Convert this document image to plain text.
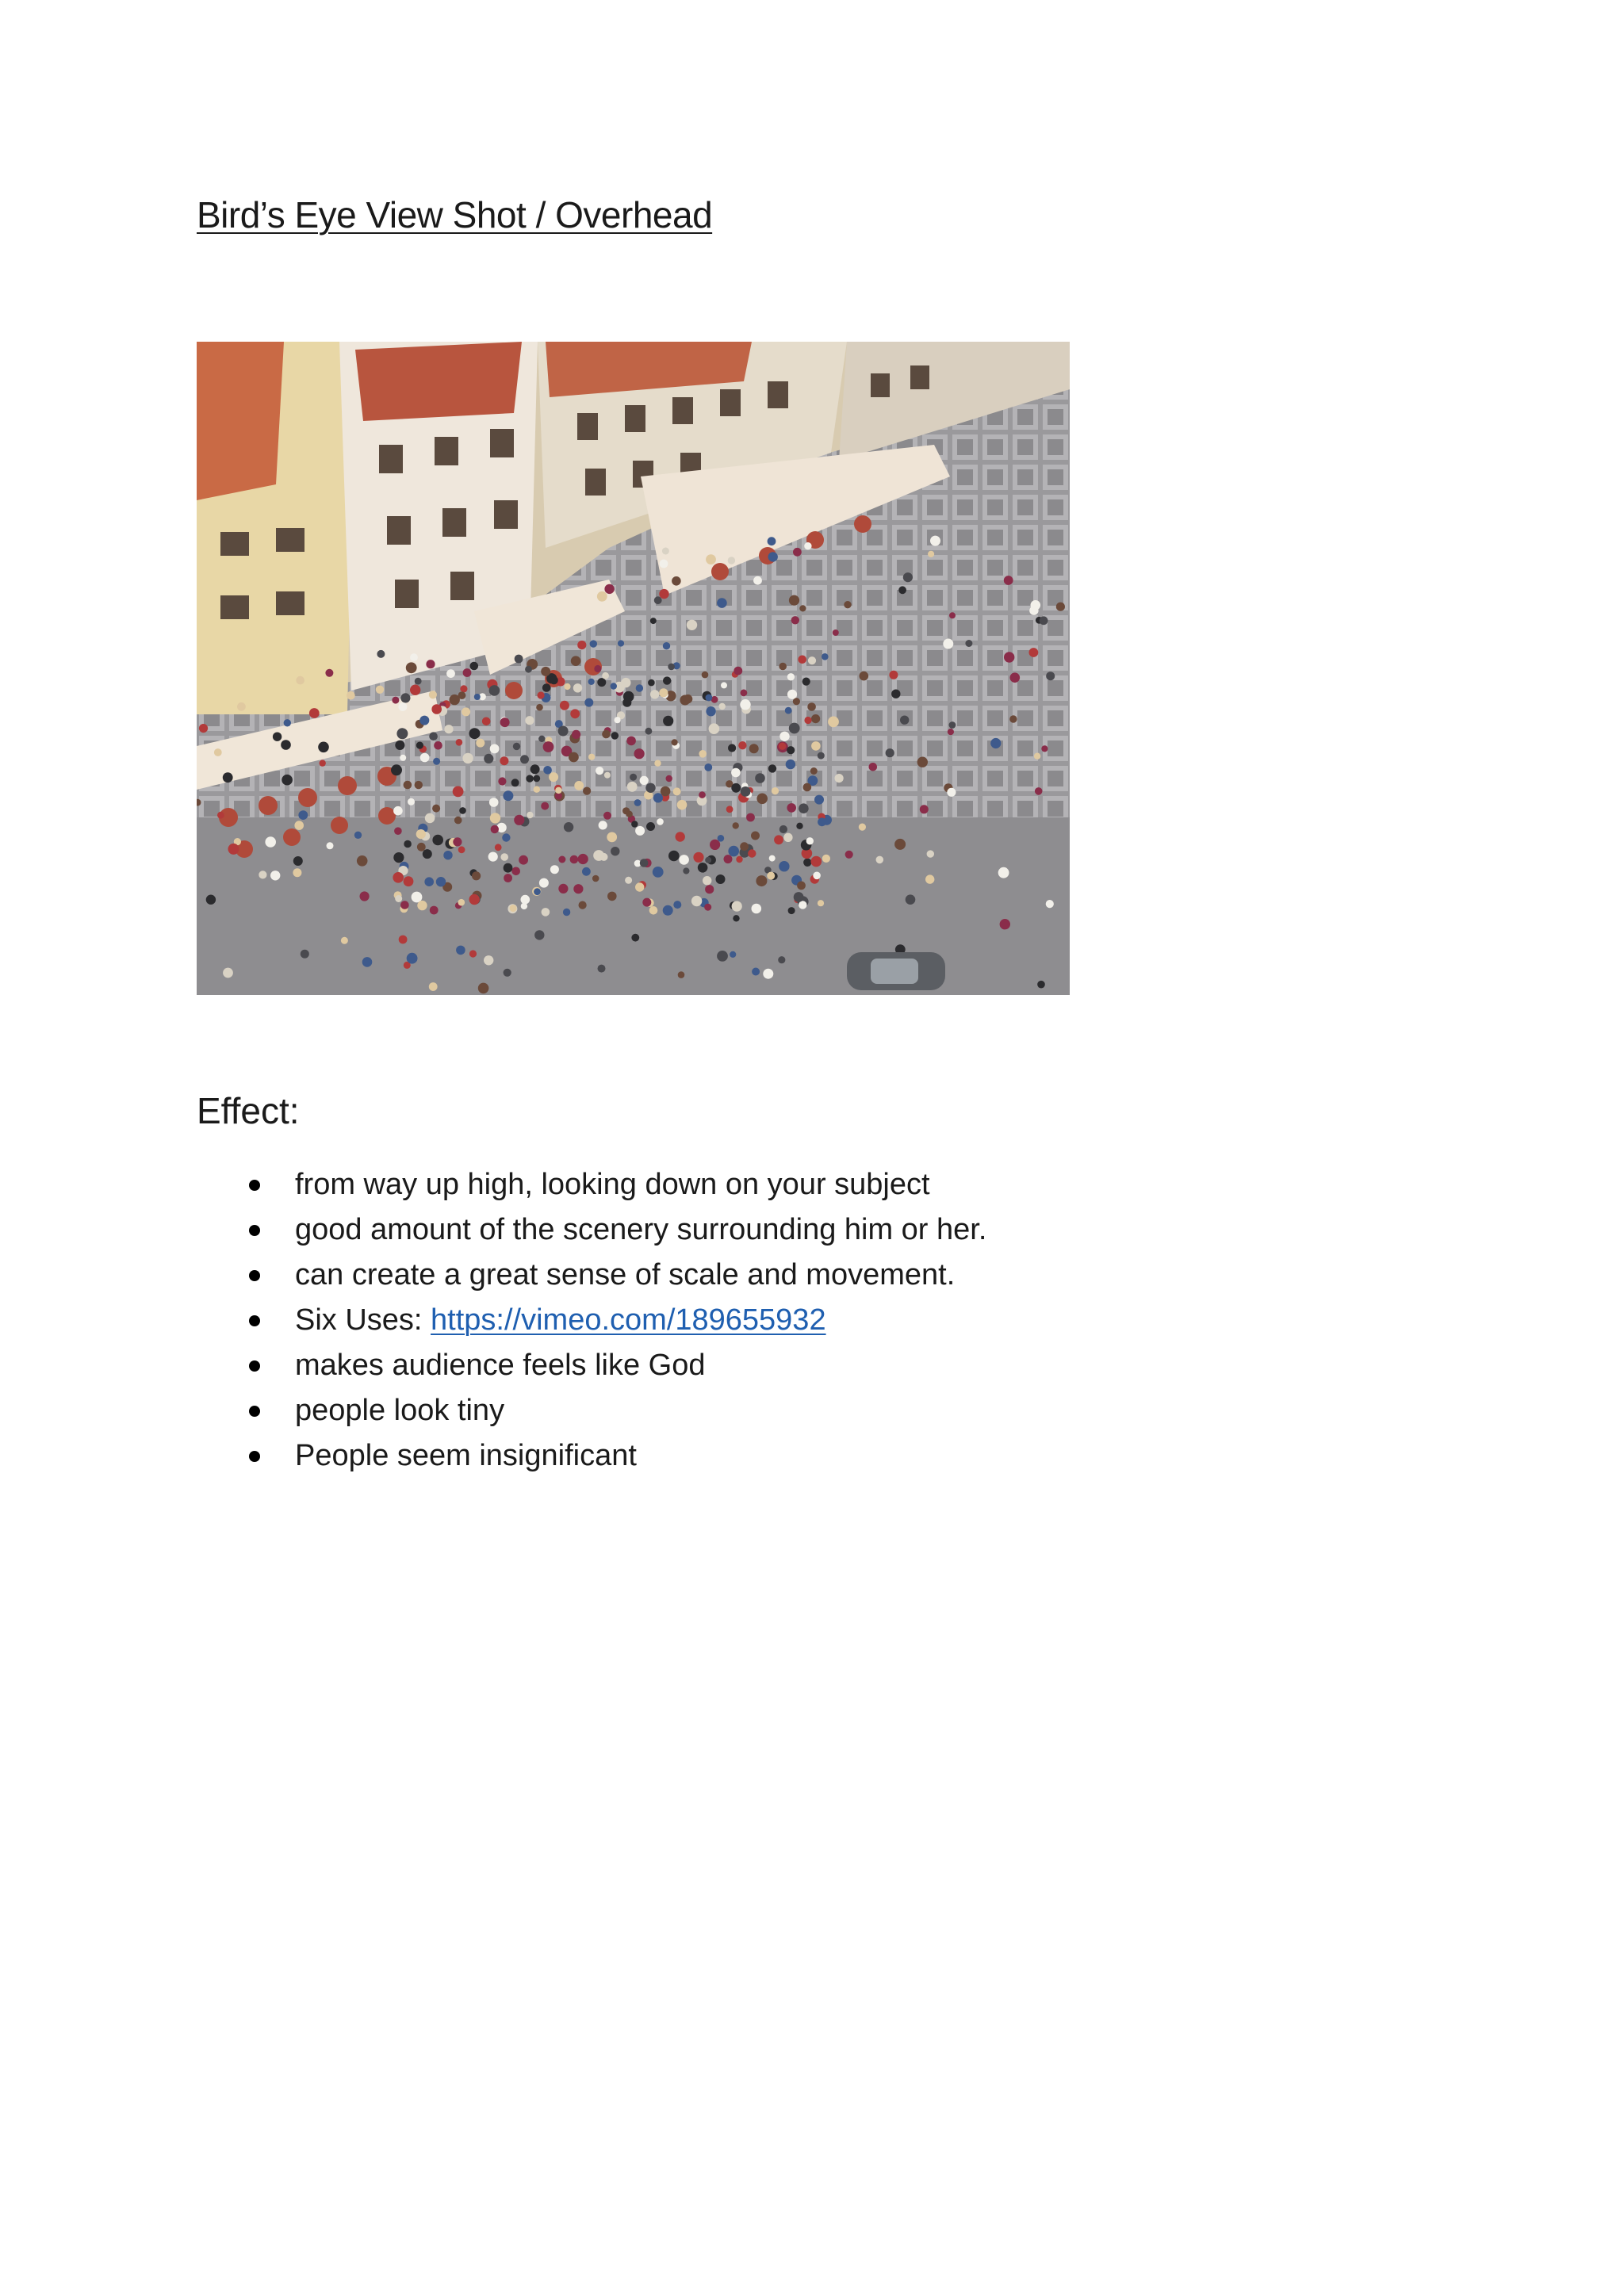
Bird’s Eye View Shot / Overhead
Effect:
from way up high, looking down on your subject
good amount of the scenery surrounding him or her.
can create a great sense of scale and movement.
Six Uses: https://vimeo.com/189655932
makes audience feels like God
people look tiny
People seem insignificant
